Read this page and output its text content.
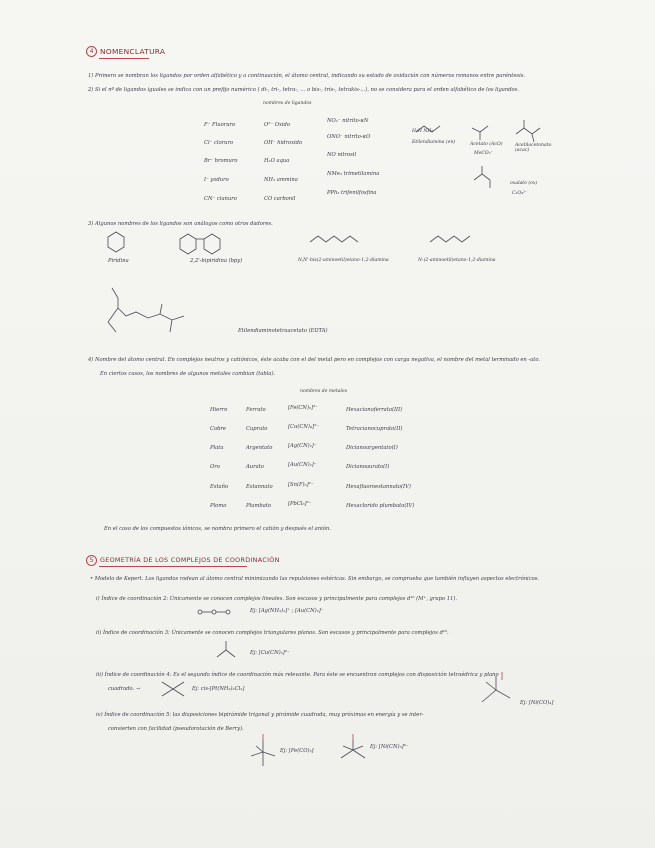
4 NOMENCLATURA
1) Primero se nombran los ligandos por orden alfabético y a continuación, el átomo central, indicando su estado de oxidación con números romanos entre paréntesis.
2) Si el nº de ligandos iguales se indica con un prefijo numérico ( di-, tri-, tetra-, ... o bis-, tris-, tetrakis-...), no se considera para el orden alfabético de los ligandos.
nombres de ligandos
F⁻ Fluoruro
Cl⁻ cloruro
Br⁻ bromuro
I⁻ yoduro
CN⁻ cianuro
O²⁻ Oxido
OH⁻ hidroxido
H₂O aqua
NH₃ ammina
CO carbonil
NO₂⁻ nitrito-κN
ONO⁻ nitrito-κO
NO nitrosil
NMe₃ trimetilamina
PPh₃ trifenilfosfina
H₂N NH₂
Etilendiamina (en)	Acetato (AcO)
MeCO₂⁻
Acetilacetonato (acac)
oxalato (ox)
C₂O₄²⁻
3) Algunos nombres de los ligandos son análogos como otros dadores.
Piridina	2,2'-bipiridina (bpy)	N,N'-bis(2-aminoetil)etano-1,2-diamina	N-(2-aminoetil)etano-1,2-diamina
Etilendiaminotetraacetato (EDTA)
4) Nombre del átomo central. En complejos neutros y catiónicos, éste acaba con el del metal pero en complejos con carga negativa, el nombre del metal terminado en -ato.
En ciertos casos, los nombres de algunos metales cambian (tabla).
nombres de metales
Hierro	Ferrato	[Fe(CN)₆]³⁻	Hexacianoferrato(III)
Cobre	Cuprato	[Cu(CN)₄]²⁻	Tetracianocuprato(II)
Plata	Argentato	[Ag(CN)₂]⁻	Dicianoargentato(I)
Oro	Aurato	[Au(CN)₂]⁻	Dicianoaurato(I)
Estaño	Estannato	[Sn(F)₆]²⁻	Hexafluoroestannato(IV)
Plomo	Plumbato	[PbCl₆]²⁻	Hexaclorido plumbato(IV)
En el caso de los compuestos iónicos, se nombra primero el catión y después el anión.
5	GEOMETRÍA DE LOS COMPLEJOS DE COORDINACIÓN
• Modelo de Kepert. Los ligandos rodean al átomo central minimizando las repulsiones estéricas. Sin embargo, se comprueba que también influyen aspectos electrónicos.
i) Índice de coordinación 2: Únicamente se conocen complejos lineales. Son escasos y principalmente para complejos d¹⁰ (M⁺, grupo 11).
Ej: [Ag(NH₃)₂]⁺ ; [Au(CN)₂]⁻
ii) Índice de coordinación 3: Únicamente se conocen complejos triangulares planos. Son escasos y principalmente para complejos d¹⁰.
Ej: [Cu(CN)₃]²⁻
iii) Índice de coordinación 4: Es el segundo índice de coordinación más relevante. Para éste se encuentran complejos con disposición tetraédrica y plano
cuadrado. →	Ej: cis-[Pt(NH₃)₂Cl₂]
Ej: [Ni(CO)₄]
iv) Índice de coordinación 5: las disposiciones bipirámide trigonal y pirámide cuadrada, muy próximas en energía y se inter-
convierten con facilidad (pseudorotación de Berry).
Ej: [Fe(CO)₅]
Ej: [Ni(CN)₅]³⁻
